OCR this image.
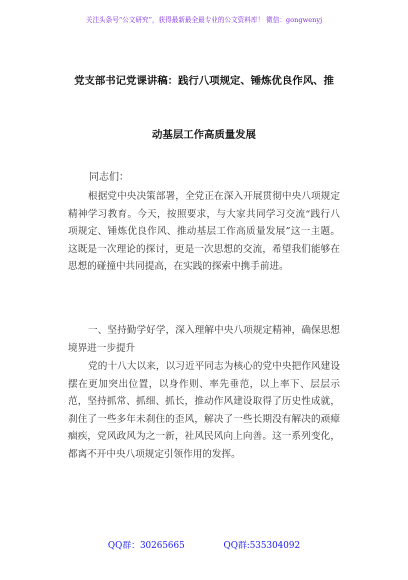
关注头条号“公文研究”，获得最新最全最专业的公文资料库！ 微信：gongwenyj
党支部书记党课讲稿：践行八项规定、锤炼优良作风、推
动基层工作高质量发展
同志们：
根据党中央决策部署，全党正在深入开展贯彻中央八项规定精神学习教育。今天，按照要求，与大家共同学习交流“践行八项规定、锤炼优良作风、推动基层工作高质量发展”这一主题。这既是一次理论的探讨，更是一次思想的交流，希望我们能够在思想的碰撞中共同提高，在实践的探索中携手前进。
一、坚持勤学好学，深入理解中央八项规定精神，确保思想境界进一步提升
党的十八大以来，以习近平同志为核心的党中央把作风建设摆在更加突出位置，以身作则、率先垂范，以上率下、层层示范，坚持抓常、抓细、抓长，推动作风建设取得了历史性成就，刹住了一些多年未刹住的歪风，解决了一些长期没有解决的顽瘴痼疾，党风政风为之一新，社风民风向上向善。这一系列变化，都离不开中央八项规定引领作用的发挥。
QQ群：30265665	QQ群:535304092
